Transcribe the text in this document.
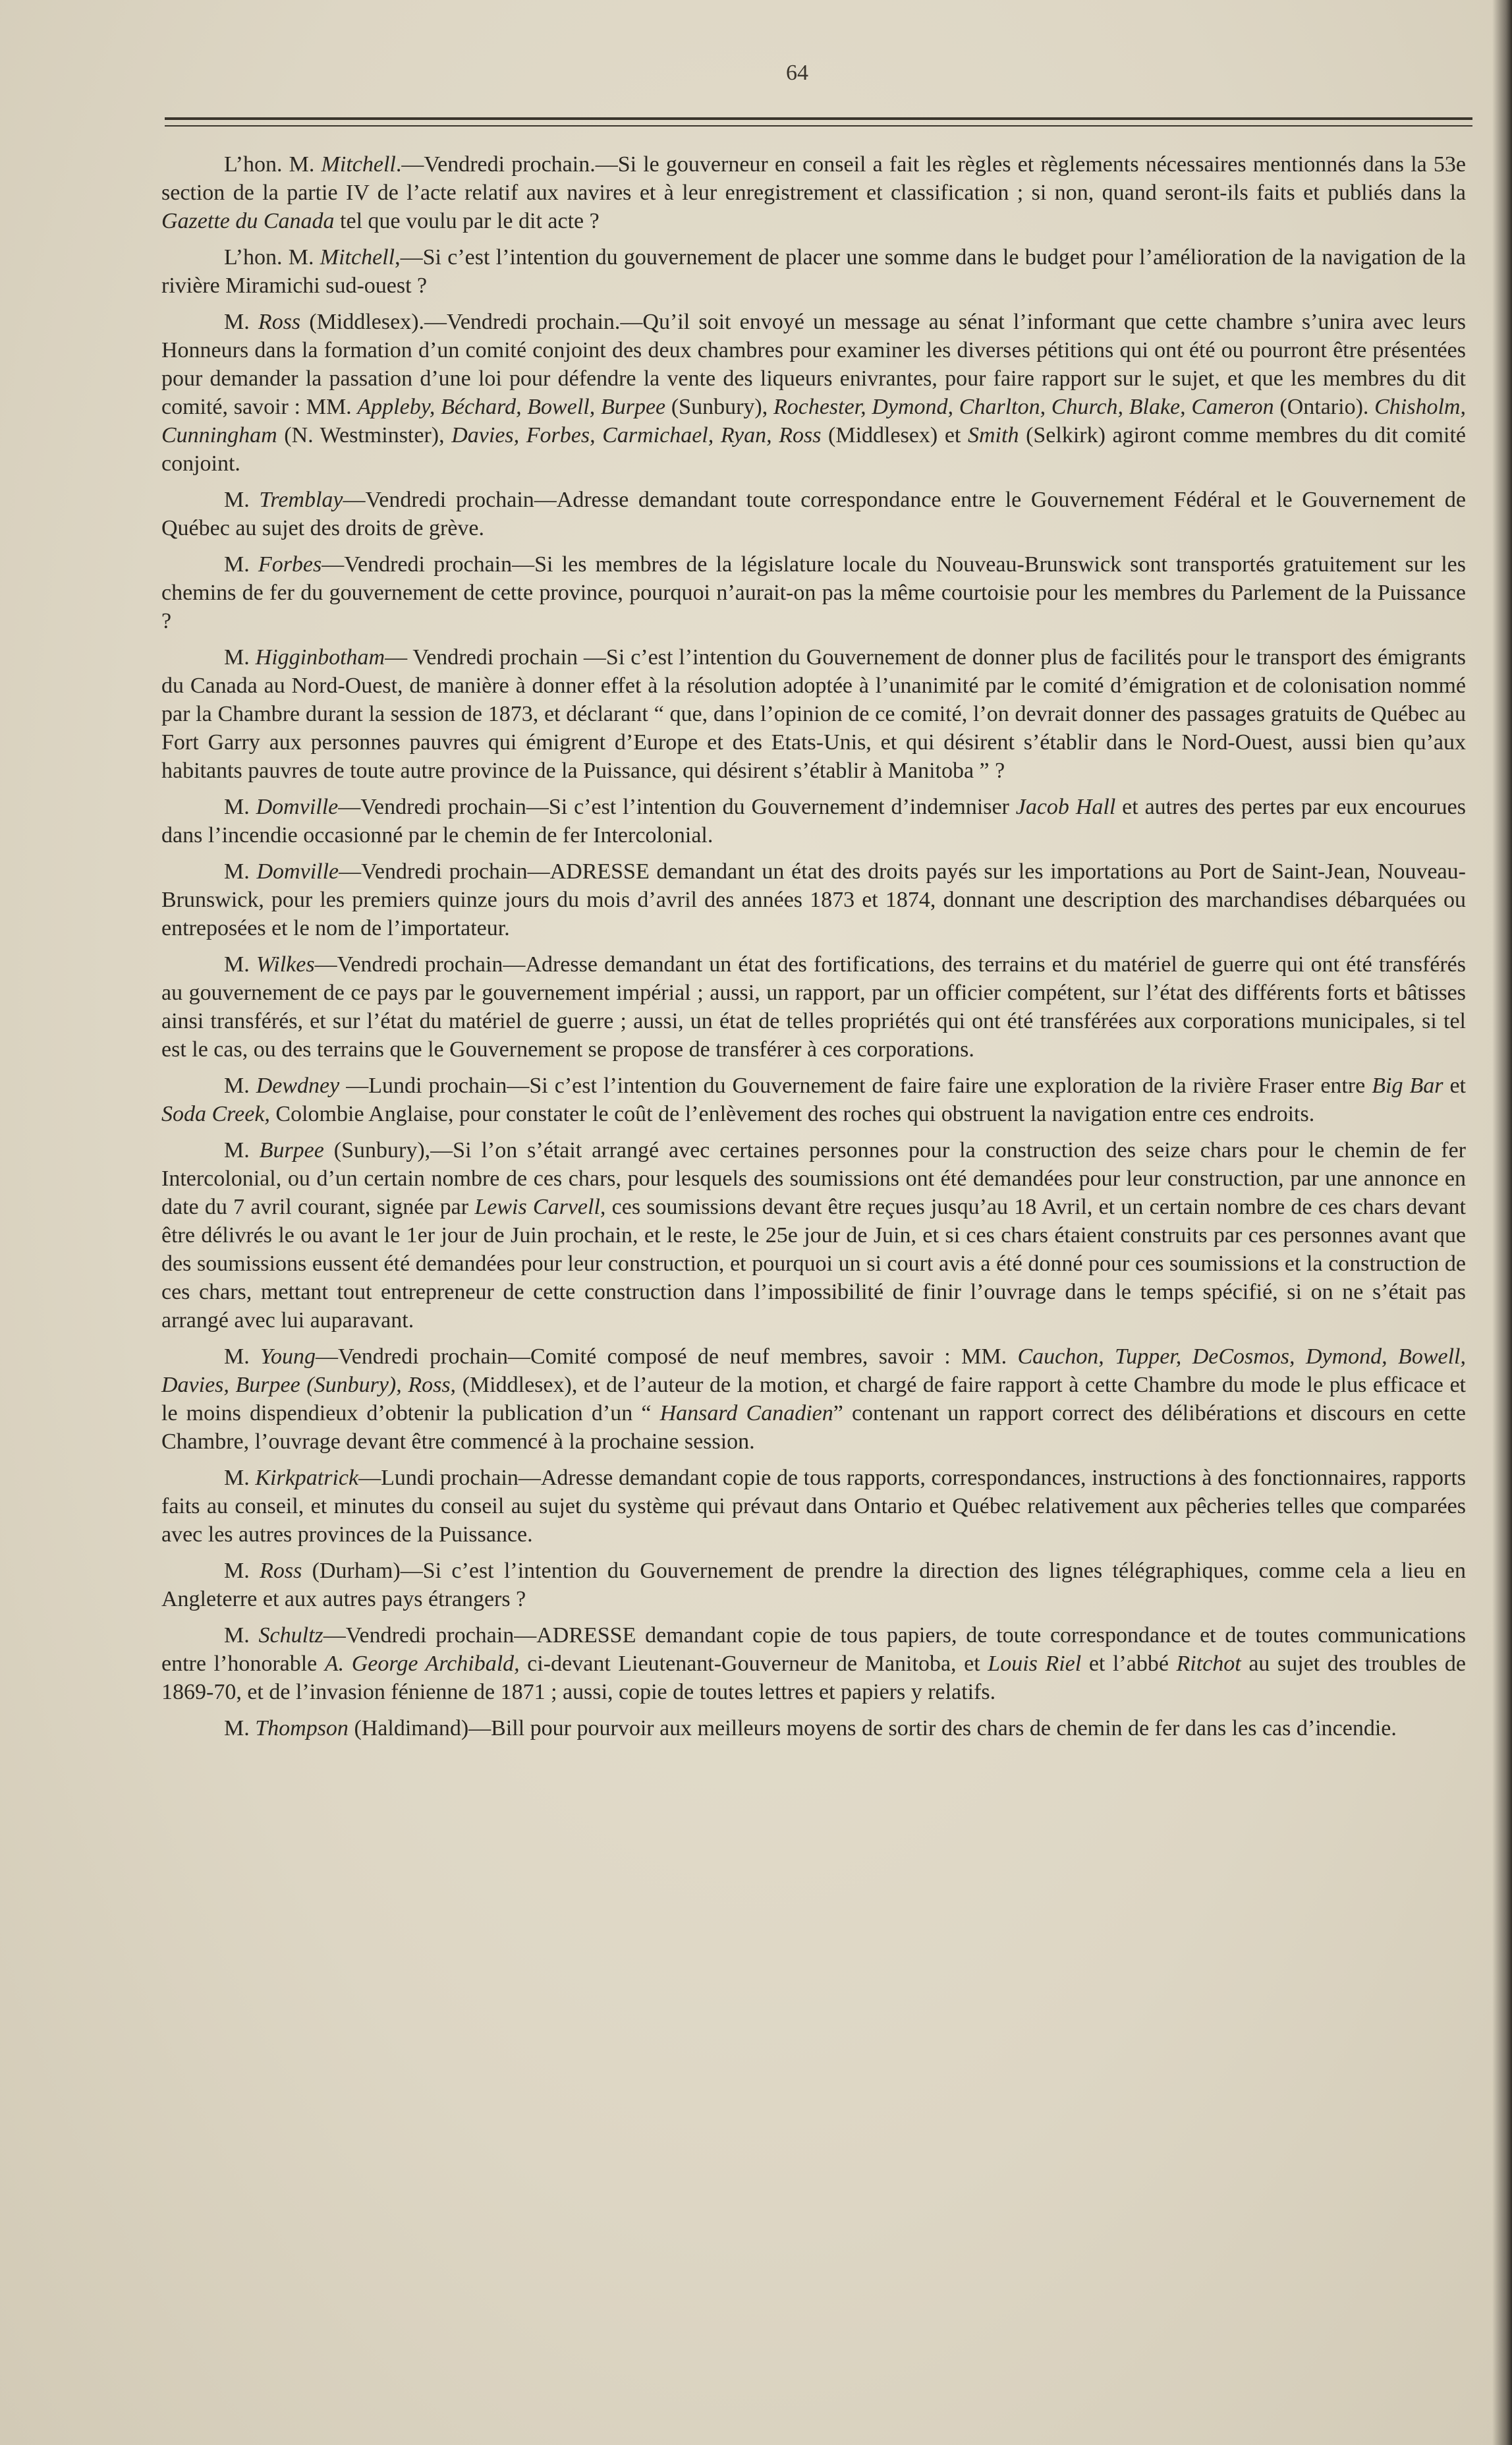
64

L’hon. M. Mitchell.—Vendredi prochain.—Si le gouverneur en conseil a fait les règles et règlements nécessaires mentionnés dans la 53e section de la partie IV de l’acte relatif aux navires et à leur enregistrement et classification ; si non, quand seront-ils faits et publiés dans la Gazette du Canada tel que voulu par le dit acte ?

L’hon. M. Mitchell,—Si c’est l’intention du gouvernement de placer une somme dans le budget pour l’amélioration de la navigation de la rivière Miramichi sud-ouest ?

M. Ross (Middlesex).—Vendredi prochain.—Qu’il soit envoyé un message au sénat l’informant que cette chambre s’unira avec leurs Honneurs dans la formation d’un comité conjoint des deux chambres pour examiner les diverses pétitions qui ont été ou pourront être présentées pour demander la passation d’une loi pour défendre la vente des liqueurs enivrantes, pour faire rapport sur le sujet, et que les membres du dit comité, savoir : MM. Appleby, Béchard, Bowell, Burpee (Sunbury), Rochester, Dymond, Charlton, Church, Blake, Cameron (Ontario). Chisholm, Cunningham (N. Westminster), Davies, Forbes, Carmichael, Ryan, Ross (Middlesex) et Smith (Selkirk) agiront comme membres du dit comité conjoint.

M. Tremblay—Vendredi prochain—Adresse demandant toute correspondance entre le Gouvernement Fédéral et le Gouvernement de Québec au sujet des droits de grève.

M. Forbes—Vendredi prochain—Si les membres de la législature locale du Nouveau-Brunswick sont transportés gratuitement sur les chemins de fer du gouvernement de cette province, pourquoi n’aurait-on pas la même courtoisie pour les membres du Parlement de la Puissance ?

M. Higginbotham— Vendredi prochain —Si c’est l’intention du Gouvernement de donner plus de facilités pour le transport des émigrants du Canada au Nord-Ouest, de manière à donner effet à la résolution adoptée à l’unanimité par le comité d’émigration et de colonisation nommé par la Chambre durant la session de 1873, et déclarant “ que, dans l’opinion de ce comité, l’on devrait donner des passages gratuits de Québec au Fort Garry aux personnes pauvres qui émigrent d’Europe et des Etats-Unis, et qui désirent s’établir dans le Nord-Ouest, aussi bien qu’aux habitants pauvres de toute autre province de la Puissance, qui désirent s’établir à Manitoba ” ?

M. Domville—Vendredi prochain—Si c’est l’intention du Gouvernement d’indemniser Jacob Hall et autres des pertes par eux encourues dans l’incendie occasionné par le chemin de fer Intercolonial.

M. Domville—Vendredi prochain—ADRESSE demandant un état des droits payés sur les importations au Port de Saint-Jean, Nouveau-Brunswick, pour les premiers quinze jours du mois d’avril des années 1873 et 1874, donnant une description des marchandises débarquées ou entreposées et le nom de l’importateur.

M. Wilkes—Vendredi prochain—Adresse demandant un état des fortifications, des terrains et du matériel de guerre qui ont été transférés au gouvernement de ce pays par le gouvernement impérial ; aussi, un rapport, par un officier compétent, sur l’état des différents forts et bâtisses ainsi transférés, et sur l’état du matériel de guerre ; aussi, un état de telles propriétés qui ont été transférées aux corporations municipales, si tel est le cas, ou des terrains que le Gouvernement se propose de transférer à ces corporations.

M. Dewdney —Lundi prochain—Si c’est l’intention du Gouvernement de faire faire une exploration de la rivière Fraser entre Big Bar et Soda Creek, Colombie Anglaise, pour constater le coût de l’enlèvement des roches qui obstruent la navigation entre ces endroits.

M. Burpee (Sunbury),—Si l’on s’était arrangé avec certaines personnes pour la construction des seize chars pour le chemin de fer Intercolonial, ou d’un certain nombre de ces chars, pour lesquels des soumissions ont été demandées pour leur construction, par une annonce en date du 7 avril courant, signée par Lewis Carvell, ces soumissions devant être reçues jusqu’au 18 Avril, et un certain nombre de ces chars devant être délivrés le ou avant le 1er jour de Juin prochain, et le reste, le 25e jour de Juin, et si ces chars étaient construits par ces personnes avant que des soumissions eussent été demandées pour leur construction, et pourquoi un si court avis a été donné pour ces soumissions et la construction de ces chars, mettant tout entrepreneur de cette construction dans l’impossibilité de finir l’ouvrage dans le temps spécifié, si on ne s’était pas arrangé avec lui auparavant.

M. Young—Vendredi prochain—Comité composé de neuf membres, savoir : MM. Cauchon, Tupper, DeCosmos, Dymond, Bowell, Davies, Burpee (Sunbury), Ross, (Middlesex), et de l’auteur de la motion, et chargé de faire rapport à cette Chambre du mode le plus efficace et le moins dispendieux d’obtenir la publication d’un “ Hansard Canadien” contenant un rapport correct des délibérations et discours en cette Chambre, l’ouvrage devant être commencé à la prochaine session.

M. Kirkpatrick—Lundi prochain—Adresse demandant copie de tous rapports, correspondances, instructions à des fonctionnaires, rapports faits au conseil, et minutes du conseil au sujet du système qui prévaut dans Ontario et Québec relativement aux pêcheries telles que comparées avec les autres provinces de la Puissance.

M. Ross (Durham)—Si c’est l’intention du Gouvernement de prendre la direction des lignes télégraphiques, comme cela a lieu en Angleterre et aux autres pays étrangers ?

M. Schultz—Vendredi prochain—ADRESSE demandant copie de tous papiers, de toute correspondance et de toutes communications entre l’honorable A. George Archibald, ci-devant Lieutenant-Gouverneur de Manitoba, et Louis Riel et l’abbé Ritchot au sujet des troubles de 1869-70, et de l’invasion fénienne de 1871 ; aussi, copie de toutes lettres et papiers y relatifs.

M. Thompson (Haldimand)—Bill pour pourvoir aux meilleurs moyens de sortir des chars de chemin de fer dans les cas d’incendie.
